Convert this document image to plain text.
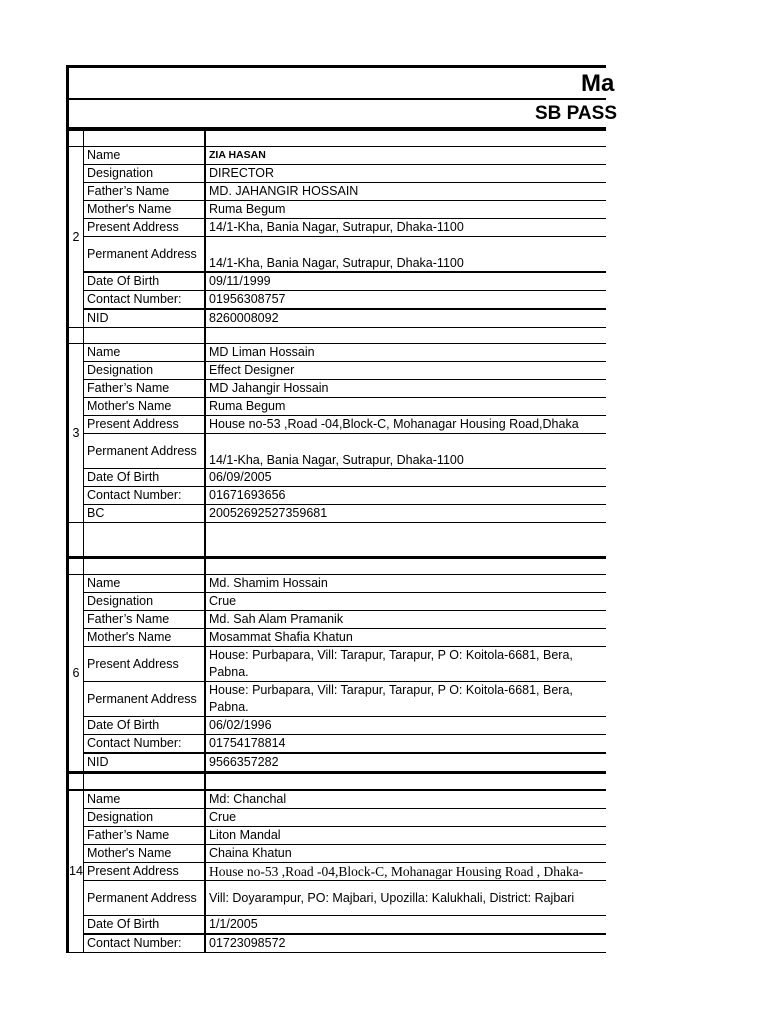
Ma
SB PASS

2	Name	ZIA HASAN
	Designation	DIRECTOR
	Father’s Name	MD. JAHANGIR HOSSAIN
	Mother's Name	Ruma Begum
	Present Address	14/1-Kha, Bania Nagar, Sutrapur, Dhaka-1100
	Permanent Address	14/1-Kha, Bania Nagar, Sutrapur, Dhaka-1100
	Date Of Birth	09/11/1999
	Contact Number:	01956308757
	NID	8260008092

3	Name	MD Liman Hossain
	Designation	Effect Designer
	Father’s Name	MD Jahangir Hossain
	Mother's Name	Ruma Begum
	Present Address	House no-53 ,Road -04,Block-C, Mohanagar Housing Road,Dhaka
	Permanent Address	14/1-Kha, Bania Nagar, Sutrapur, Dhaka-1100
	Date Of Birth	06/09/2005
	Contact Number:	01671693656
	BC	20052692527359681

6	Name	Md. Shamim Hossain
	Designation	Crue
	Father’s Name	Md. Sah Alam Pramanik
	Mother's Name	Mosammat Shafia Khatun
	Present Address	House: Purbapara, Vill: Tarapur, Tarapur, P O: Koitola-6681, Bera, Pabna.
	Permanent Address	House: Purbapara, Vill: Tarapur, Tarapur, P O: Koitola-6681, Bera, Pabna.
	Date Of Birth	06/02/1996
	Contact Number:	01754178814
	NID	9566357282

14	Name	Md: Chanchal
	Designation	Crue
	Father’s Name	Liton Mandal
	Mother's Name	Chaina Khatun
	Present Address	House no-53 ,Road -04,Block-C, Mohanagar Housing Road , Dhaka-
	Permanent Address	Vill: Doyarampur, PO: Majbari, Upozilla: Kalukhali, District: Rajbari
	Date Of Birth	1/1/2005
	Contact Number:	01723098572
